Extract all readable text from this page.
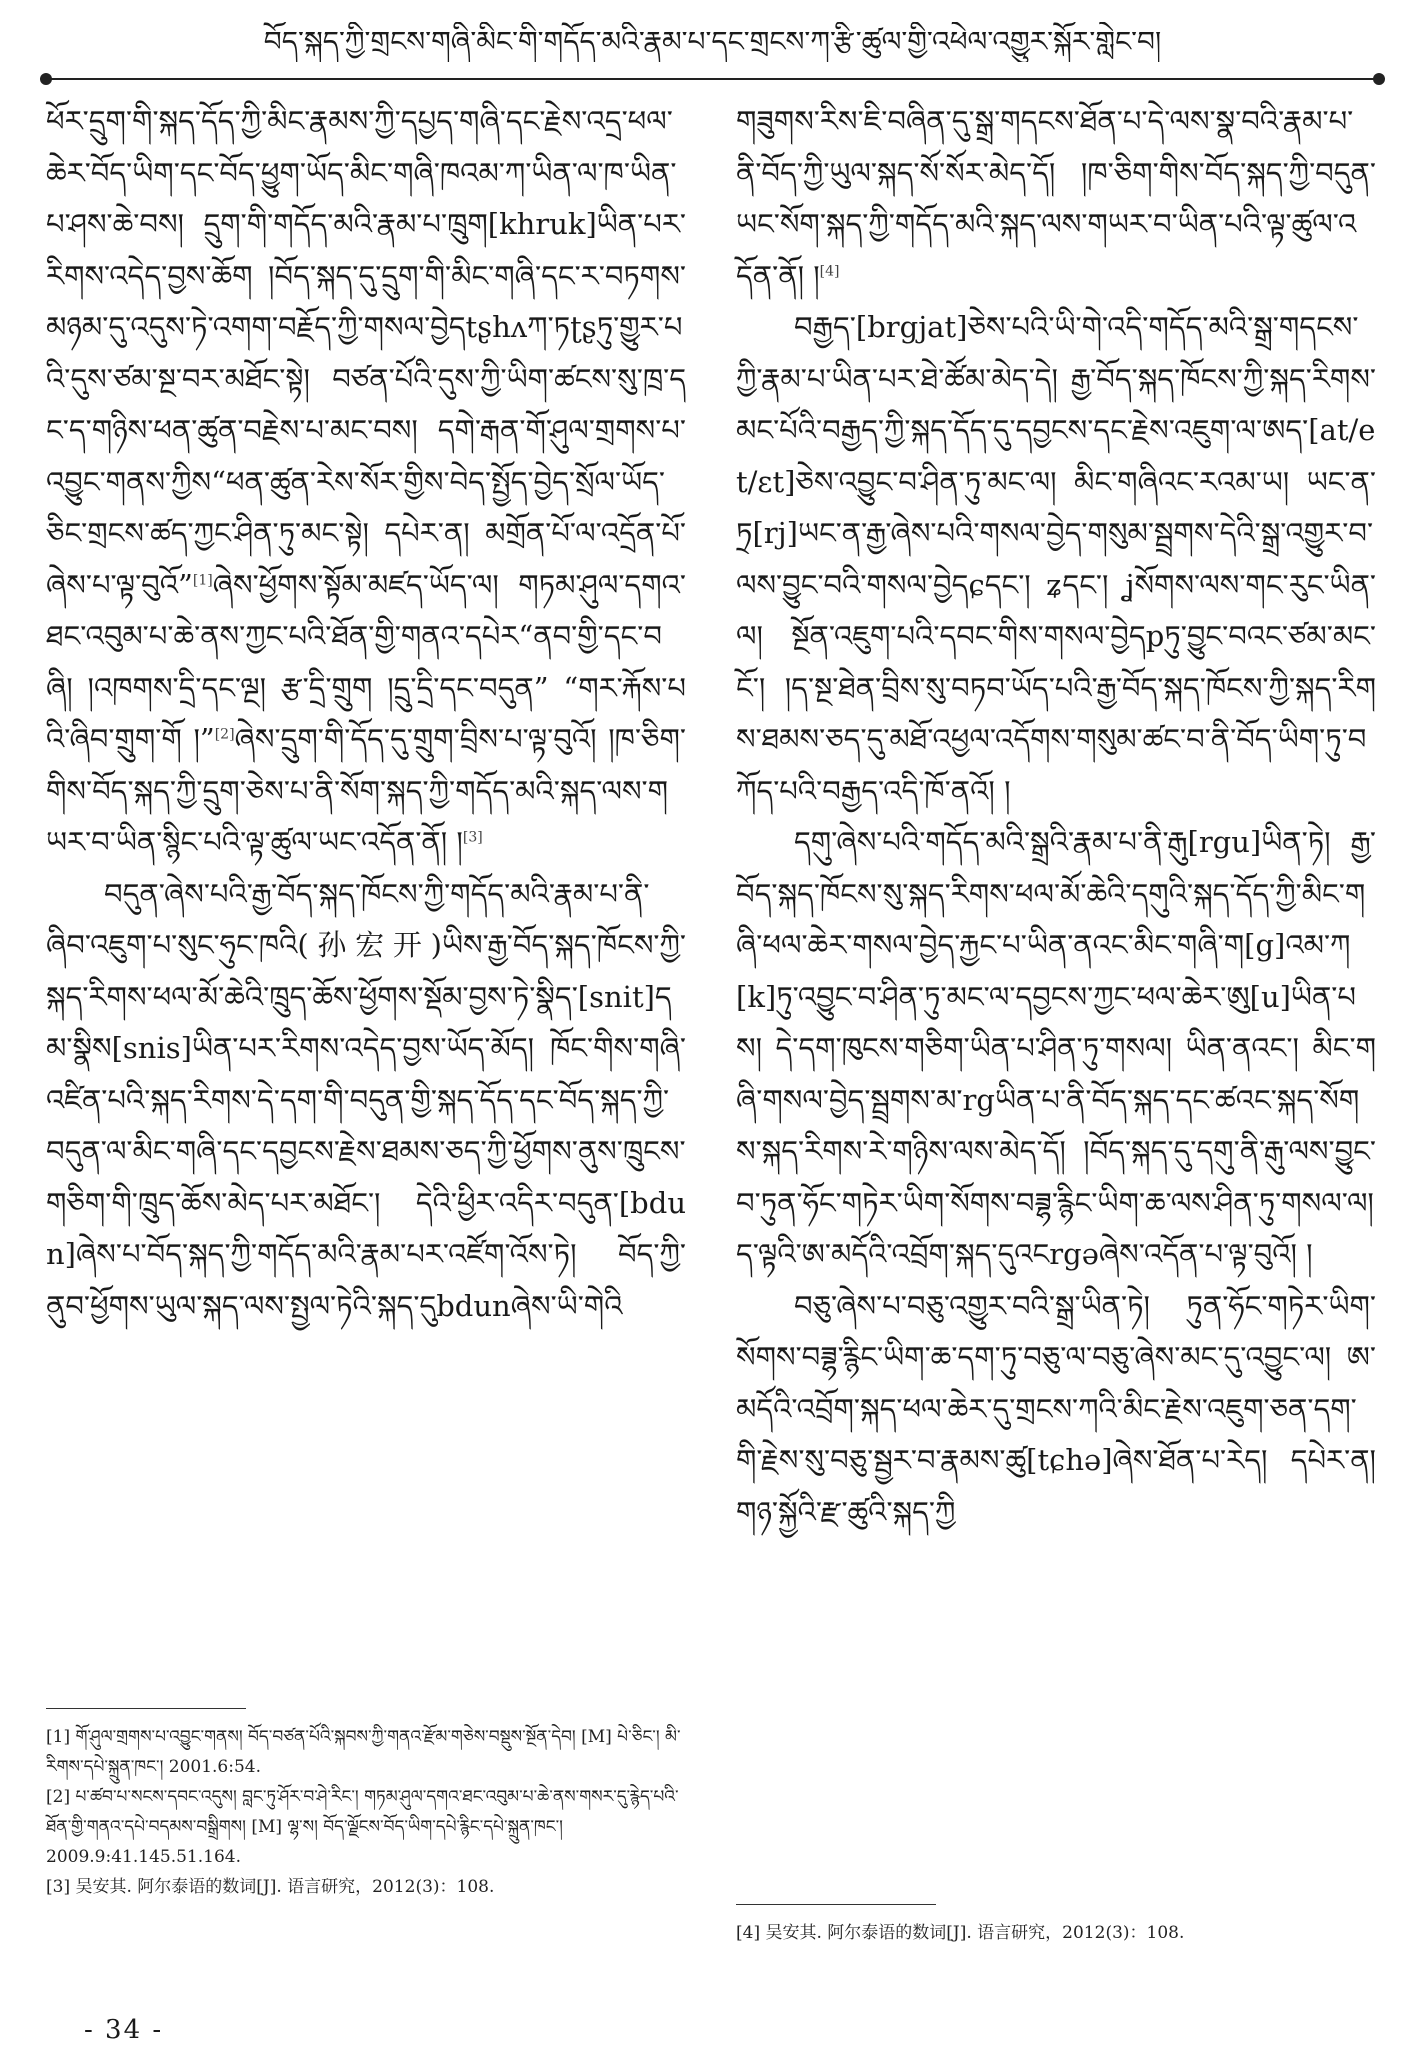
བོད་སྐད་ཀྱི་གྲངས་གཞི་མིང་གི་གདོད་མའི་རྣམ་པ་དང་གྲངས་ཀ་རྩི་ཚུལ་གྱི་འཕེལ་འགྱུར་སྐོར་གླེང་བ།

ཕོར་དྲུག་གི་སྐད་དོད་ཀྱི་མིང་རྣམས་ཀྱི་དཔྱད་གཞི་དང་རྗེས་འདྲ་ཕལ་ཆེར་བོད་ཡིག་དང་བོད་ཕྱུག་ཡོད་མིང་གཞི་ཁའམ་ཀ་ཡིན་ལ་ཁ་ཡིན་པ་ཤས་ཆེ་བས། དྲུག་གི་གདོད་མའི་རྣམ་པ་ཁྲུག[khruk]ཡིན་པར་རིགས་འདེད་བྱས་ཆོག །བོད་སྐད་དུ་དྲུག་གི་མིང་གཞི་དང་ར་བཏགས་མཉམ་དུ་འདུས་ཏེ་འགག་བརྗོད་ཀྱི་གསལ་བྱེདtʂhʌཀ་ཏʈʂཏུ་གྱུར་པའི་དུས་ཙམ་སྔ་བར་མཐོང་སྟེ། བཙན་པོའི་དུས་ཀྱི་ཡིག་ཚངས་སུ་ཁྲ་དང་ད་གཉིས་ཕན་ཚུན་བརྗེས་པ་མང་བས། དགེ་རྒན་གོ་ཤུལ་གྲགས་པ་འབྱུང་གནས་ཀྱིས“ཕན་ཚུན་རེས་སོར་གྱིས་བེད་སྤྱོད་བྱེད་སྲོལ་ཡོད་ཅིང་གྲངས་ཚད་ཀྱང་ཤིན་ཏུ་མང་སྟེ། དཔེར་ན། མགྲོན་པོ་ལ་འདྲོན་པོ་ཞེས་པ་ལྟ་བུའོ”[1]ཞེས་ཕྱོགས་སྟོམ་མཛད་ཡོད་ལ། གཏམ་ཤུལ་དགའ་ཐང་འབུམ་པ་ཆེ་ནས་ཀྱང་པའི་ཐོན་གྱི་གནའ་དཔེར“ནབ་གྱི་དང་བཞི། །འཁགས་དྲི་དང་ལྔ། རྩ་དྲི་གྲུག །དྲུ་དྲི་དང་བདུན” “གར་རྐོས་པའི་ཞིབ་གྲུག་གོ །”[2]ཞེས་དྲུག་གི་དོད་དུ་གྲུག་བྲིས་པ་ལྟ་བུའོ། །ཁ་ཅིག་གིས་བོད་སྐད་ཀྱི་དྲུག་ཅེས་པ་ནི་སོག་སྐད་ཀྱི་གདོད་མའི་སྐད་ལས་གཡར་བ་ཡིན་སྙིང་པའི་ལྟ་ཚུལ་ཡང་འདོན་ནོ། །[3]

བདུན་ཞེས་པའི་རྒྱ་བོད་སྐད་ཁོངས་ཀྱི་གདོད་མའི་རྣམ་པ་ནི་ཞིབ་འཇུག་པ་སུང་ཧུང་ཁའི(孙宏开)ཡིས་རྒྱ་བོད་སྐད་ཁོངས་ཀྱི་སྐད་རིགས་ཕལ་མོ་ཆེའི་ཁྲུད་ཆོས་ཕྱོགས་སྡོམ་བྱས་ཏེ་སྣིད་[snit]དམ་སྣིས[snis]ཡིན་པར་རིགས་འདེད་བྱས་ཡོད་མོད། ཁོང་གིས་གཞི་འཛིན་པའི་སྐད་རིགས་དེ་དག་གི་བདུན་གྱི་སྐད་དོད་དང་བོད་སྐད་ཀྱི་བདུན་ལ་མིང་གཞི་དང་དབྱངས་རྗེས་ཐམས་ཅད་ཀྱི་ཕྱོགས་ནུས་ཁྲུངས་གཅིག་གི་ཁྲུད་ཆོས་མེད་པར་མཐོང་། དེའི་ཕྱིར་འདིར་བདུན་[bdun]ཞེས་པ་བོད་སྐད་ཀྱི་གདོད་མའི་རྣམ་པར་འཛོག་འོས་ཏེ། བོད་ཀྱི་ནུབ་ཕྱོགས་ཡུལ་སྐད་ལས་སྤྱལ་ཏེའི་སྐད་དུbdunཞེས་ཡི་གེའི

[1] གོ་ཤུལ་གྲགས་པ་འབྱུང་གནས། བོད་བཙན་པོའི་སྐབས་ཀྱི་གནའ་རྫོམ་གཅེས་བསྡུས་སྔོན་དེབ། [M] པེ་ཅིང་། མི་རིགས་དཔེ་སྐྲུན་ཁང་། 2001.6:54.

[2] པ་ཚབ་པ་སངས་དབང་འདུས། བླང་ཏུ་ཤོར་བ་ཤེ་རིང་། གཏམ་ཤུལ་དགའ་ཐང་འབུམ་པ་ཆེ་ནས་གསར་དུ་རྙེད་པའི་ཐོན་གྱི་གནའ་དཔེ་བདམས་བསྒྲིགས། [M] ལྷ་ས། བོད་ལྗོངས་བོད་ཡིག་དཔེ་རྙིང་དཔེ་སྐྲུན་ཁང་། 2009.9:41.145.51.164.

[3] 吴安其. 阿尔泰语的数词[J]. 语言研究，2012(3)：108.

གཟུགས་རིས་ཇི་བཞིན་དུ་སྒྲ་གདངས་ཐོན་པ་དེ་ལས་སྣ་བའི་རྣམ་པ་ནི་བོད་ཀྱི་ཡུལ་སྐད་སོ་སོར་མེད་དོ། །ཁ་ཅིག་གིས་བོད་སྐད་ཀྱི་བདུན་ཡང་སོག་སྐད་ཀྱི་གདོད་མའི་སྐད་ལས་གཡར་བ་ཡིན་པའི་ལྟ་ཚུལ་འདོན་ནོ། །[4]

བརྒྱད་[brgjat]ཅེས་པའི་ཡི་གེ་འདི་གདོད་མའི་སྒྲ་གདངས་ཀྱི་རྣམ་པ་ཡིན་པར་ཐེ་ཚོམ་མེད་དེ། རྒྱ་བོད་སྐད་ཁོངས་ཀྱི་སྐད་རིགས་མང་པོའི་བརྒྱད་ཀྱི་སྐད་དོད་དུ་དབྱངས་དང་རྗེས་འཇུག་ལ་ཨད་[at/et/ɛt]ཅེས་འབྱུང་བ་ཤིན་ཏུ་མང་ལ། མིང་གཞིའང་རའམ་ཡ། ཡང་ན་ཏྲ[rj]ཡང་ན་རྒྱ་ཞེས་པའི་གསལ་བྱེད་གསུམ་སྦྲགས་དེའི་སྒྲ་འགྱུར་བ་ལས་བྱུང་བའི་གསལ་བྱེདɕདང་། ʑདང་། ʝསོགས་ལས་གང་རུང་ཡིན་ལ། སྔོན་འཇུག་པའི་དབང་གིས་གསལ་བྱེདpཏུ་བྱུང་བའང་ཙམ་མང་ངོ་། །ད་སྔ་ཐེན་བྲིས་སུ་བཏབ་ཡོད་པའི་རྒྱ་བོད་སྐད་ཁོངས་ཀྱི་སྐད་རིགས་ཐམས་ཅད་དུ་མཐོ་འཕྱལ་འདོགས་གསུམ་ཚང་བ་ནི་བོད་ཡིག་ཏུ་བཀོད་པའི་བརྒྱད་འདི་ཁོ་ནའོ། །

དགུ་ཞེས་པའི་གདོད་མའི་སྒྲའི་རྣམ་པ་ནི་རྒུ[rgu]ཡིན་ཏེ། རྒྱ་བོད་སྐད་ཁོངས་སུ་སྐད་རིགས་ཕལ་མོ་ཆེའི་དགུའི་སྐད་དོད་ཀྱི་མིང་གཞི་ཕལ་ཆེར་གསལ་བྱེད་རྐྱང་པ་ཡིན་ནའང་མིང་གཞི་ག[g]འམ་ཀ[k]ཏུ་འབྱུང་བ་ཤིན་ཏུ་མང་ལ་དབྱངས་ཀྱང་ཕལ་ཆེར་ཨུ[u]ཡིན་པས། དེ་དག་ཁུངས་གཅིག་ཡིན་པ་ཤིན་ཏུ་གསལ། ཡིན་ནའང་། མིང་གཞི་གསལ་བྱེད་སྦྲགས་མ་rgཡིན་པ་ནི་བོད་སྐད་དང་ཚའང་སྐད་སོགས་སྐད་རིགས་རེ་གཉིས་ལས་མེད་དོ། །བོད་སྐད་དུ་དགུ་ནི་རྒུ་ལས་བྱུང་བ་ཏུན་ཧོང་གཏེར་ཡིག་སོགས་བཟྷ་རྙིང་ཡིག་ཆ་ལས་ཤིན་ཏུ་གསལ་ལ། ད་ལྟའི་ཨ་མདོའི་འབྲོག་སྐད་དུའངrgəཞེས་འདོན་པ་ལྟ་བུའོ། །

བཅུ་ཞེས་པ་བཅུ་འགྱུར་བའི་སྒྲ་ཡིན་ཏེ། ཏུན་ཧོང་གཏེར་ཡིག་སོགས་བཟྷ་རྙིང་ཡིག་ཆ་དག་ཏུ་བཅུ་ལ་བཅུ་ཞེས་མང་དུ་འབྱུང་ལ། ཨ་མདོའི་འབྲོག་སྐད་ཕལ་ཆེར་དུ་གྲངས་ཀའི་མིང་རྗེས་འཇུག་ཅན་དག་གི་རྗེས་སུ་བཅུ་སྦྱར་བ་རྣམས་ཚུ[tɕhə]ཞེས་ཐོན་པ་རེད། དཔེར་ན། གཉ་སྐྱོའི་རྫ་ཚུའི་སྐད་ཀྱི

[4] 吴安其. 阿尔泰语的数词[J]. 语言研究，2012(3)：108.

- 34 -
